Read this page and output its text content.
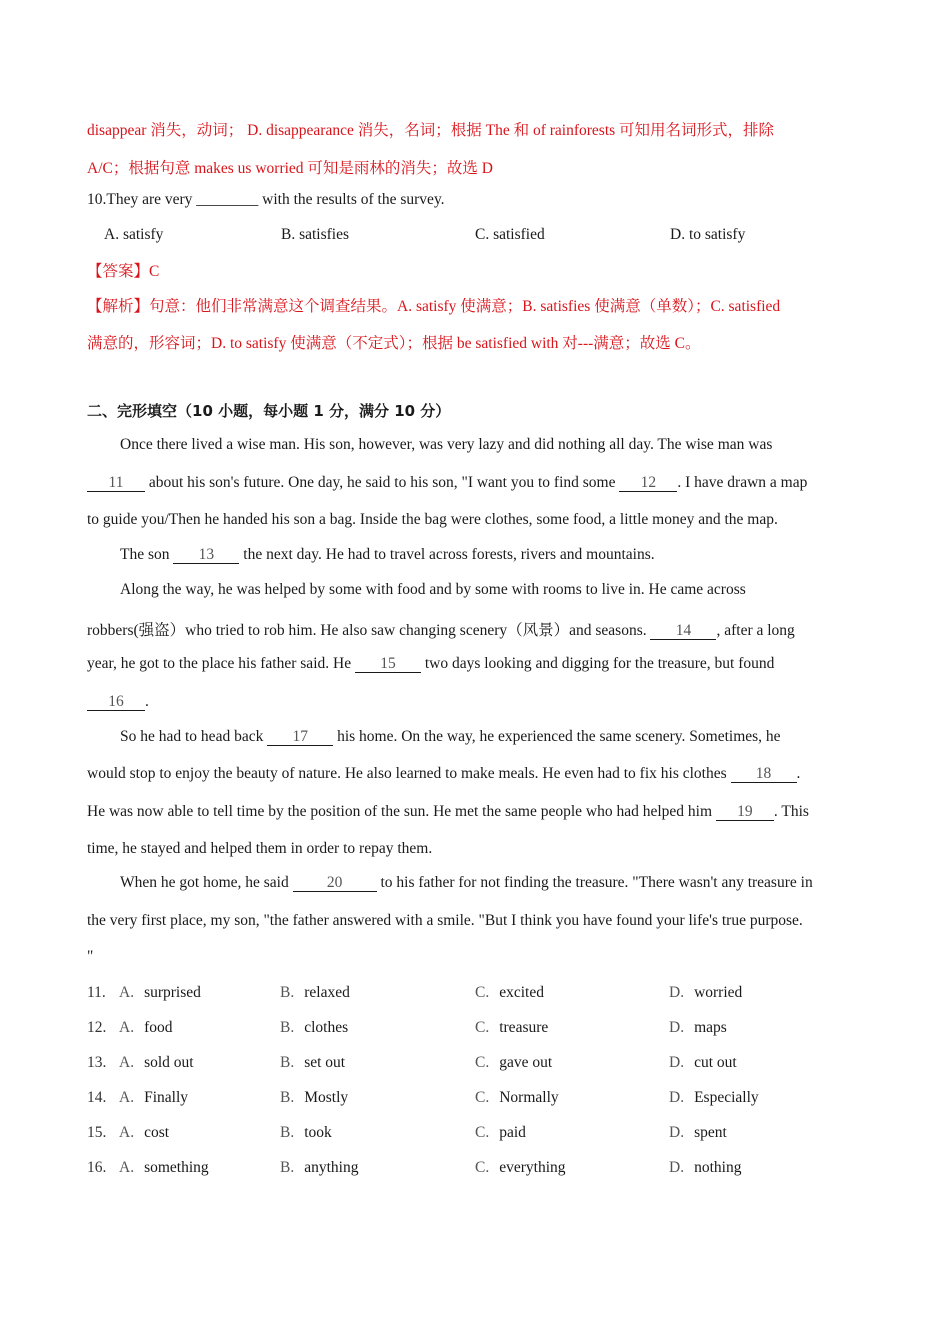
disappear 消失，动词； D. disappearance 消失，名词；根据 The 和 of rainforests 可知用名词形式，排除
A/C；根据句意 makes us worried 可知是雨林的消失；故选 D
10.They are very ________ with the results of the survey.
A. satisfy	B. satisfies	C. satisfied	D. to satisfy
【答案】C
【解析】句意：他们非常满意这个调查结果。A. satisfy 使满意；B. satisfies 使满意（单数）；C. satisfied
满意的，形容词；D. to satisfy 使满意（不定式）；根据 be satisfied with 对---满意；故选 C。
二、完形填空（10 小题，每小题 1 分，满分 10 分）
Once there lived a wise man. His son, however, was very lazy and did nothing all day. The wise man was
11 about his son's future. One day, he said to his son, "I want you to find some 12 . I have drawn a map
to guide you/Then he handed his son a bag. Inside the bag were clothes, some food, a little money and the map.
The son 13 the next day. He had to travel across forests, rivers and mountains.
Along the way, he was helped by some with food and by some with rooms to live in. He came across
robbers(强盗）who tried to rob him. He also saw changing scenery（风景）and seasons. 14 , after a long
year, he got to the place his father said. He 15 two days looking and digging for the treasure, but found
16 .
So he had to head back 17 his home. On the way, he experienced the same scenery. Sometimes, he
would stop to enjoy the beauty of nature. He also learned to make meals. He even had to fix his clothes 18 .
He was now able to tell time by the position of the sun. He met the same people who had helped him 19 . This
time, he stayed and helped them in order to repay them.
When he got home, he said 20 to his father for not finding the treasure. "There wasn't any treasure in
the very first place, my son, "the father answered with a smile. "But I think you have found your life's true purpose.
"
11. A. surprised	B. relaxed	C. excited	D. worried
12. A. food	B. clothes	C. treasure	D. maps
13. A. sold out	B. set out	C. gave out	D. cut out
14. A. Finally	B. Mostly	C. Normally	D. Especially
15. A. cost	B. took	C. paid	D. spent
16. A. something	B. anything	C. everything	D. nothing
